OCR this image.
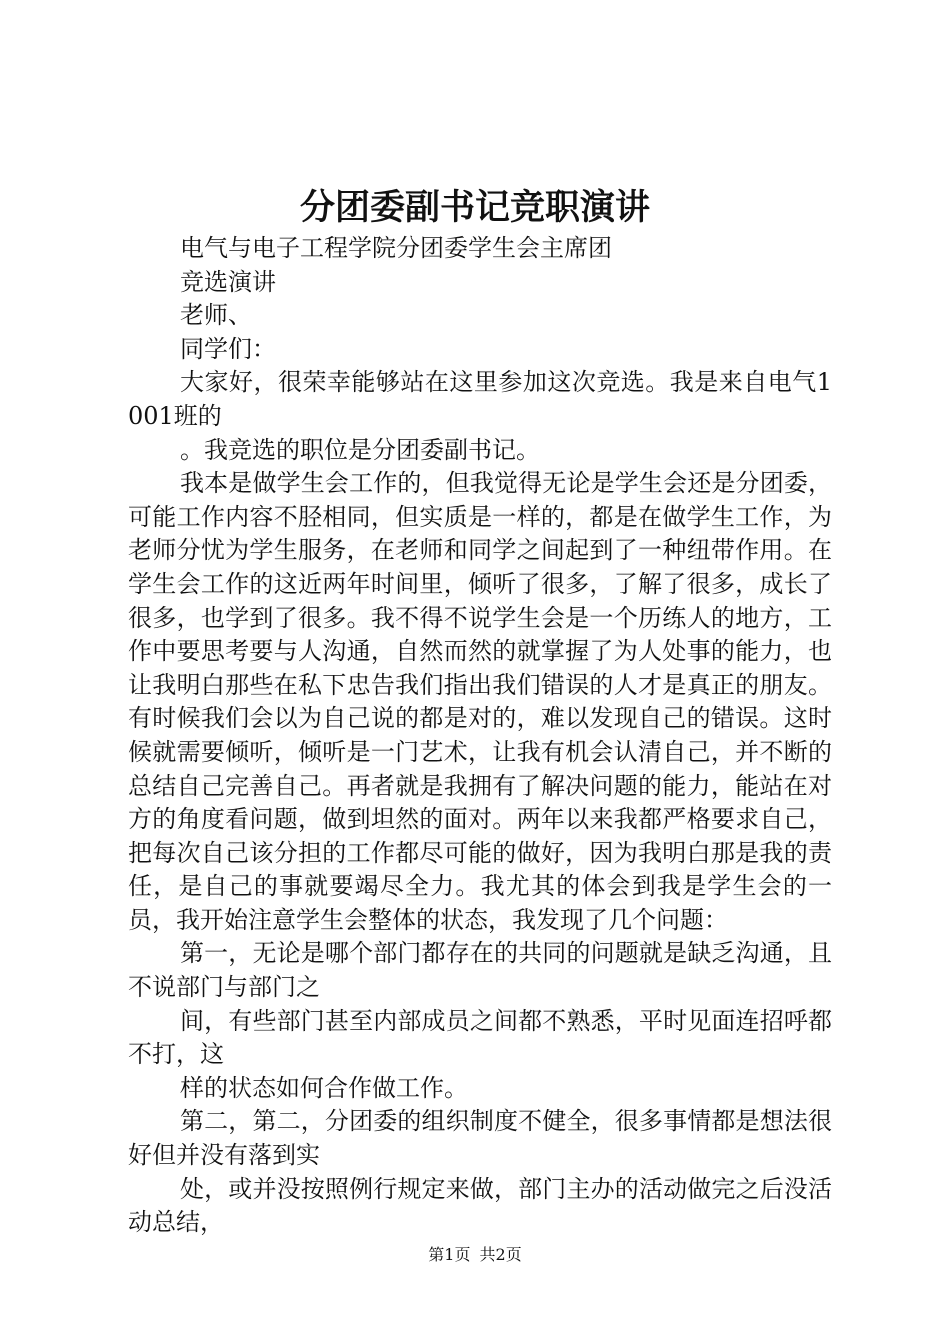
分团委副书记竞职演讲

电气与电子工程学院分团委学生会主席团

竞选演讲

老师、

同学们：

大家好，很荣幸能够站在这里参加这次竞选。我是来自电气1001班的

。我竞选的职位是分团委副书记。

我本是做学生会工作的，但我觉得无论是学生会还是分团委，可能工作内容不胫相同，但实质是一样的，都是在做学生工作，为老师分忧为学生服务，在老师和同学之间起到了一种纽带作用。在学生会工作的这近两年时间里，倾听了很多，了解了很多，成长了很多，也学到了很多。我不得不说学生会是一个历练人的地方，工作中要思考要与人沟通，自然而然的就掌握了为人处事的能力，也让我明白那些在私下忠告我们指出我们错误的人才是真正的朋友。有时候我们会以为自己说的都是对的，难以发现自己的错误。这时候就需要倾听，倾听是一门艺术，让我有机会认清自己，并不断的总结自己完善自己。再者就是我拥有了解决问题的能力，能站在对方的角度看问题，做到坦然的面对。两年以来我都严格要求自己，把每次自己该分担的工作都尽可能的做好，因为我明白那是我的责任，是自己的事就要竭尽全力。我尤其的体会到我是学生会的一员，我开始注意学生会整体的状态，我发现了几个问题：

第一，无论是哪个部门都存在的共同的问题就是缺乏沟通，且不说部门与部门之

间，有些部门甚至内部成员之间都不熟悉，平时见面连招呼都不打，这

样的状态如何合作做工作。

第二，第二，分团委的组织制度不健全，很多事情都是想法很好但并没有落到实

处，或并没按照例行规定来做，部门主办的活动做完之后没活动总结，

第1页 共2页
